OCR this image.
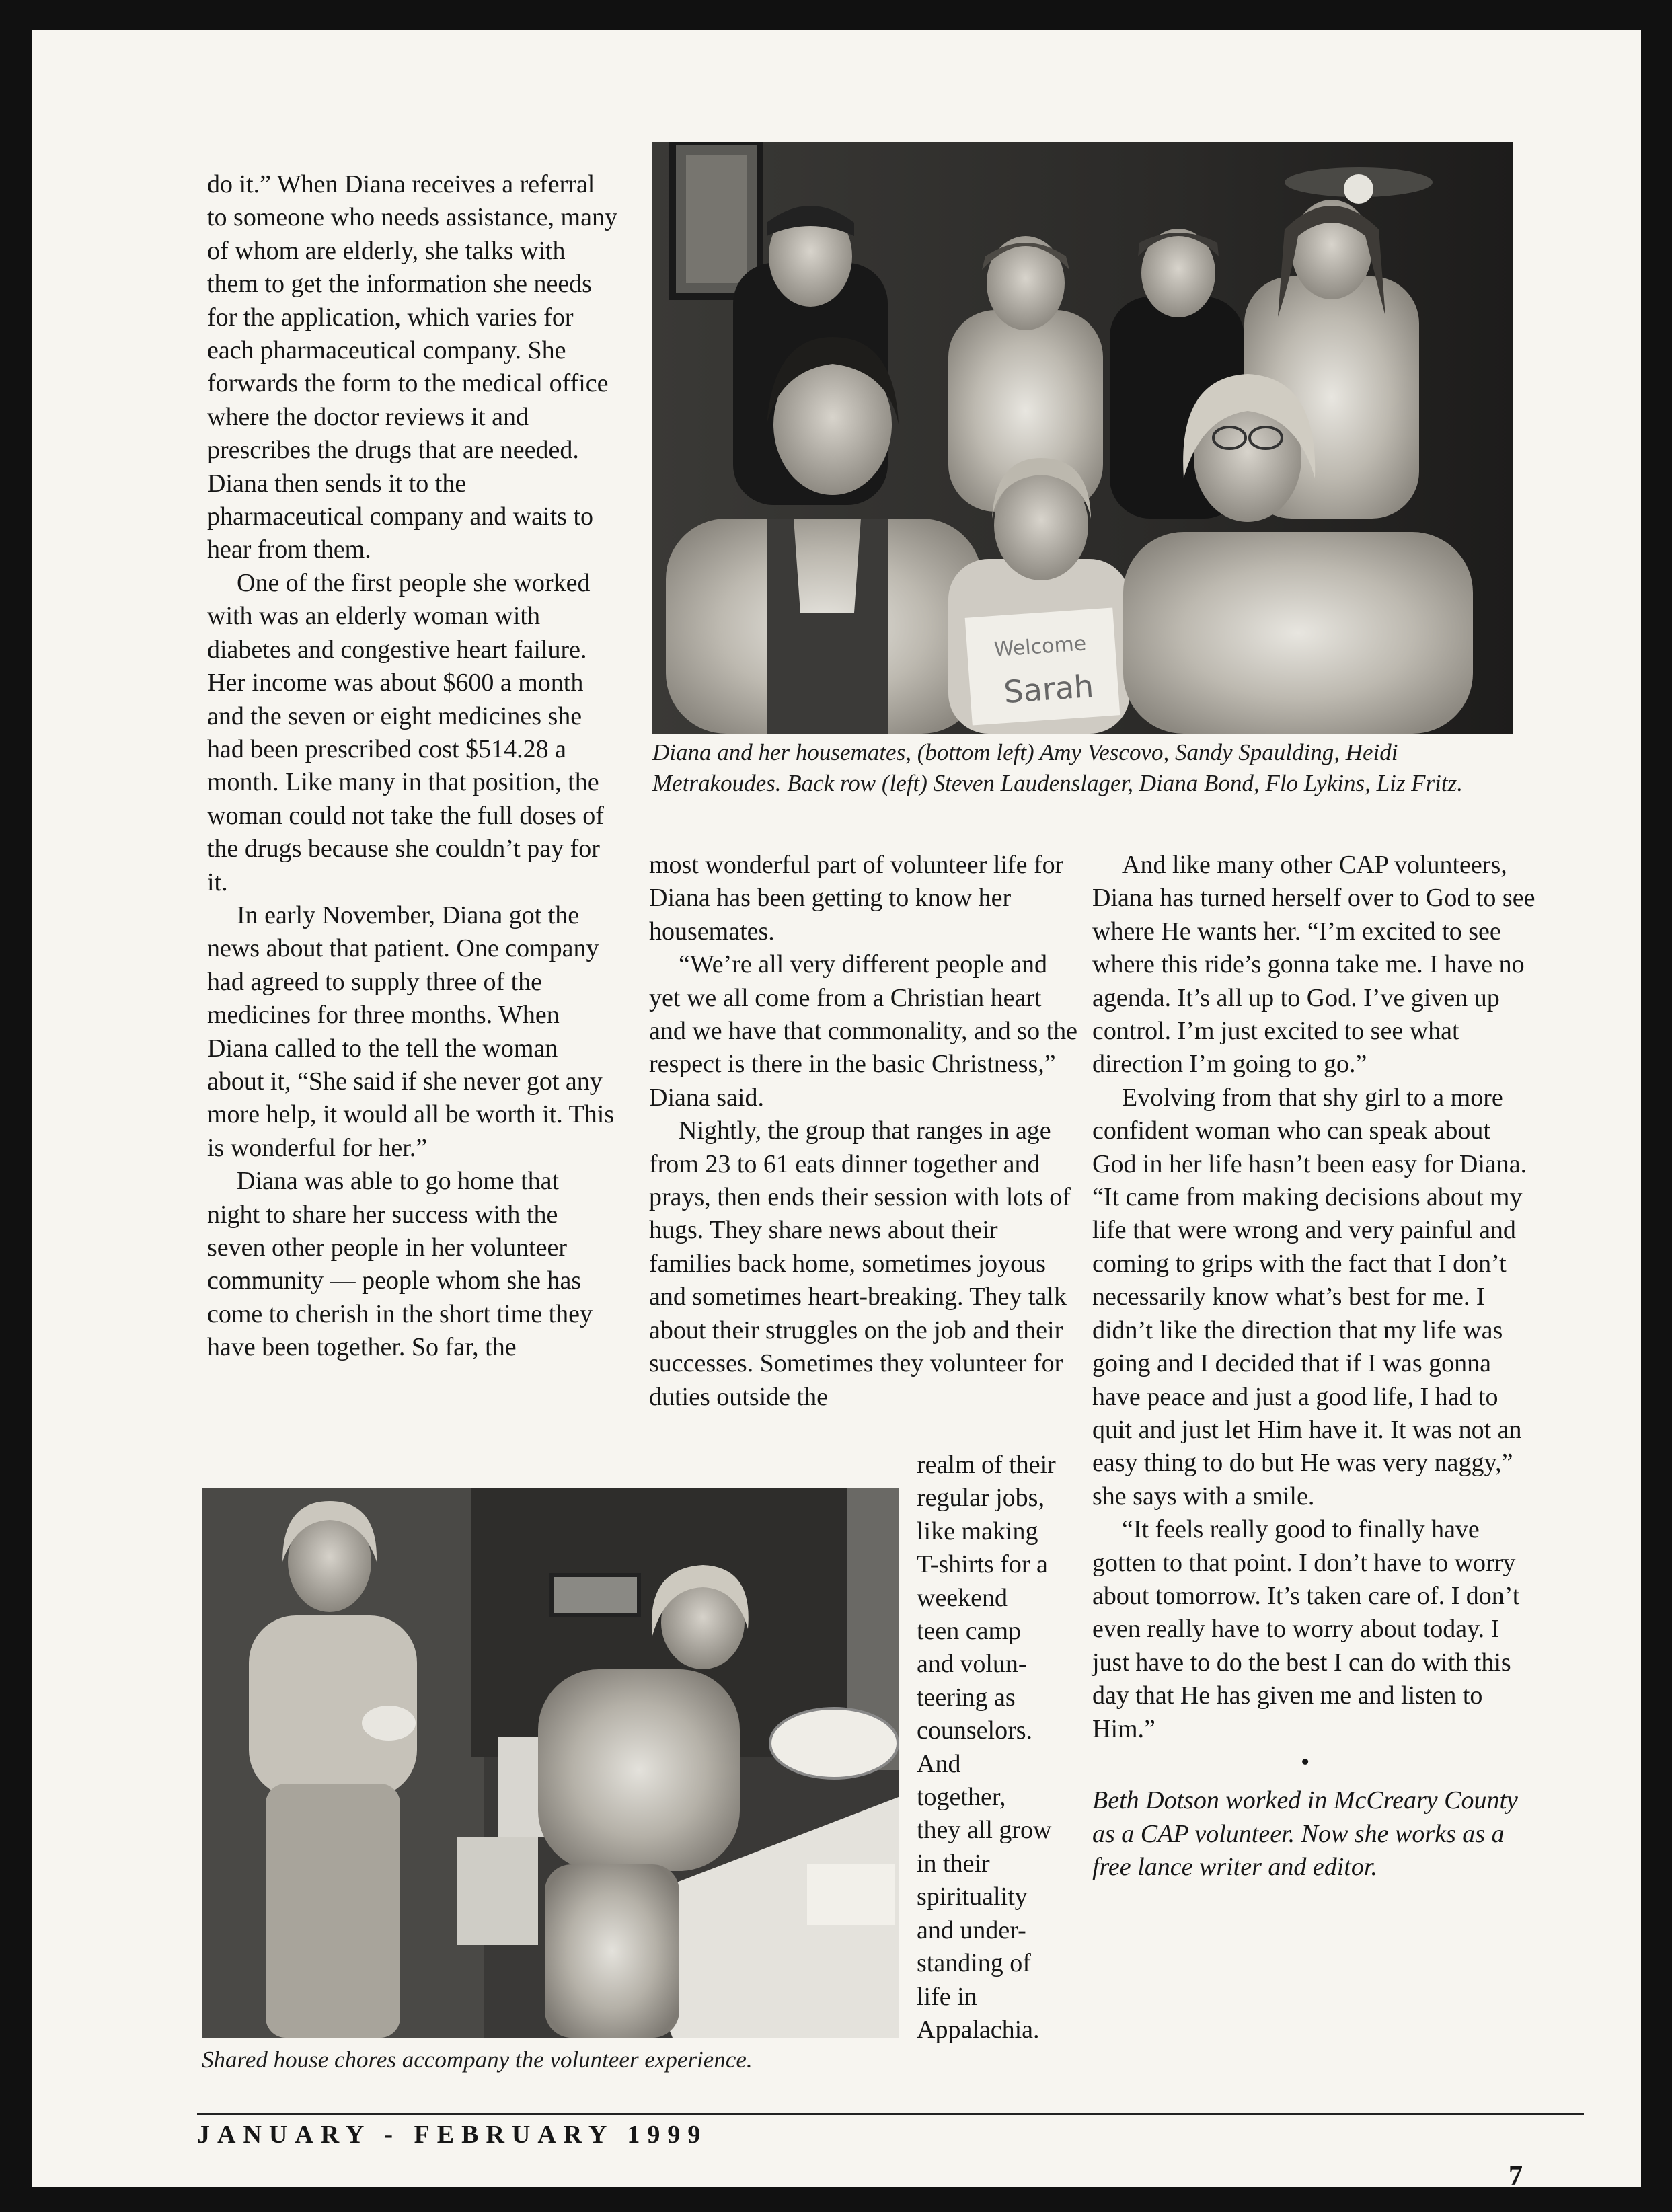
do it.” When Diana receives a referral to someone who needs assistance, many of whom are elderly, she talks with them to get the information she needs for the application, which varies for each pharmaceutical company. She forwards the form to the medical office where the doctor reviews it and prescribes the drugs that are needed. Diana then sends it to the pharmaceutical company and waits to hear from them.

One of the first people she worked with was an elderly woman with diabetes and congestive heart failure. Her income was about $600 a month and the seven or eight medicines she had been prescribed cost $514.28 a month. Like many in that position, the woman could not take the full doses of the drugs because she couldn’t pay for it.

In early November, Diana got the news about that patient. One company had agreed to supply three of the medicines for three months. When Diana called to the tell the woman about it, “She said if she never got any more help, it would all be worth it. This is wonderful for her.”

Diana was able to go home that night to share her success with the seven other people in her volunteer community — people whom she has come to cherish in the short time they have been together. So far, the

Welcome
Sarah

Diana and her housemates, (bottom left) Amy Vescovo, Sandy Spaulding, Heidi Metrakoudes. Back row (left) Steven Laudenslager, Diana Bond, Flo Lykins, Liz Fritz.

most wonderful part of volunteer life for Diana has been getting to know her housemates.

“We’re all very different people and yet we all come from a Christian heart and we have that commonality, and so the respect is there in the basic Christness,” Diana said.

Nightly, the group that ranges in age from 23 to 61 eats dinner together and prays, then ends their session with lots of hugs. They share news about their families back home, sometimes joyous and sometimes heart-breaking. They talk about their struggles on the job and their successes. Sometimes they volunteer for duties outside the

realm of their

regular jobs,

like making

T-shirts for a

weekend

teen camp

and volun-

teering as

counselors.

And

together,

they all grow

in their

spirituality

and under-

standing of

life in

Appalachia.

Shared house chores accompany the volunteer experience.

And like many other CAP volunteers, Diana has turned herself over to God to see where He wants her. “I’m excited to see where this ride’s gonna take me. I have no agenda. It’s all up to God. I’ve given up control. I’m just excited to see what direction I’m going to go.”

Evolving from that shy girl to a more confident woman who can speak about God in her life hasn’t been easy for Diana. “It came from making decisions about my life that were wrong and very painful and coming to grips with the fact that I don’t necessarily know what’s best for me. I didn’t like the direction that my life was going and I decided that if I was gonna have peace and just a good life, I had to quit and just let Him have it. It was not an easy thing to do but He was very naggy,” she says with a smile.

“It feels really good to finally have gotten to that point. I don’t have to worry about tomorrow. It’s taken care of. I don’t even really have to worry about today. I just have to do the best I can do with this day that He has given me and listen to Him.”

•

Beth Dotson worked in McCreary County as a CAP volunteer. Now she works as a free lance writer and editor.

JANUARY - FEBRUARY 1999
7
